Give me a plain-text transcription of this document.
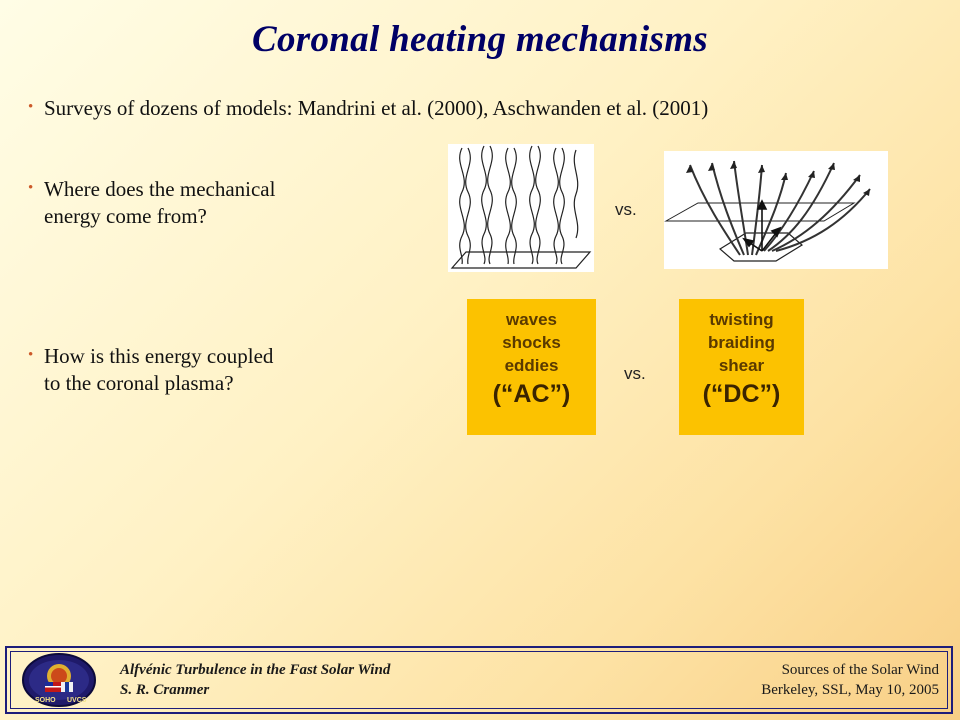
Coronal heating mechanisms
• Surveys of dozens of models: Mandrini et al. (2000), Aschwanden et al. (2001)
• Where does the mechanical
energy come from?
• How is this energy coupled
to the coronal plasma?
vs.
waves
shocks
eddies
(“AC”)
vs.
twisting
braiding
shear
(“DC”)
SOHO UVCS
Alfvénic Turbulence in the Fast Solar Wind
S. R. Cranmer
Sources of the Solar Wind
Berkeley, SSL, May 10, 2005
